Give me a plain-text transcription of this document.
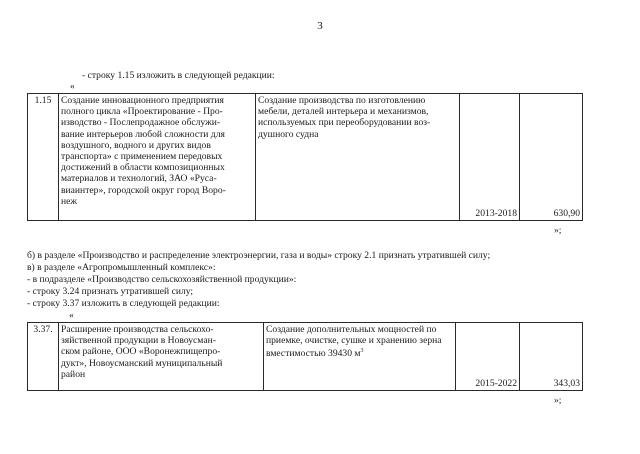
3
- строку 1.15 изложить в следующей редакции:
«
1.15	Создание инновационного предприятия
полного цикла «Проектирование - Про-
изводство - Послепродажное обслужи-
вание интерьеров любой сложности для
воздушного, водного и других видов
транспорта» с применением передовых
достижений в области композиционных
материалов и технологий, ЗАО «Руса-
виаинтер», городской округ город Воро-
неж	Создание производства по изготовлению
мебели, деталей интерьера и механизмов,
используемых при переоборудовании воз-
душного судна	2013-2018	630,90
»;
б) в разделе «Производство и распределение электроэнергии, газа и воды» строку 2.1 признать утратившей силу;
в) в разделе «Агропромышленный комплекс»:
- в подразделе «Производство сельскохозяйственной продукции»:
- строку 3.24 признать утратившей силу;
- строку 3.37 изложить в следующей редакции:
«
3.37.	Расширение производства сельскохо-
зяйственной продукции в Новоусман-
ском районе, ООО «Воронежпищепро-
дукт», Новоусманский муниципальный
район	Создание дополнительных мощностей по
приемке, очистке, сушке и хранению зерна
вместимостью 39430 $м^3$	2015-2022	343,03
»;
